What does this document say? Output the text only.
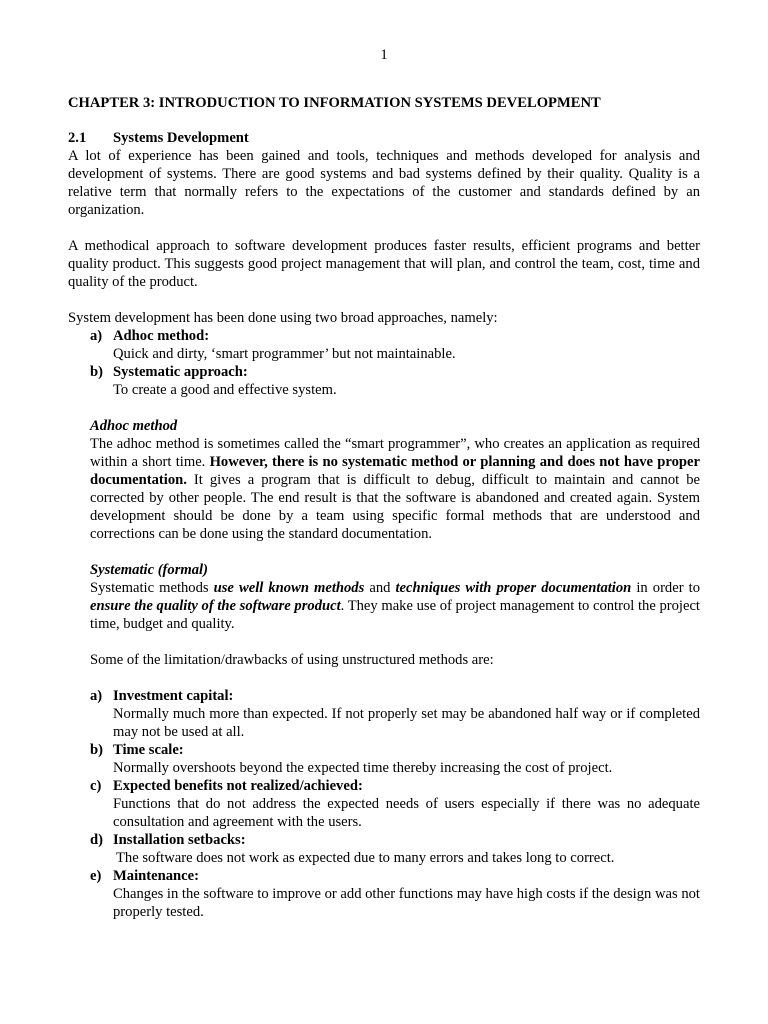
1

CHAPTER 3: INTRODUCTION TO INFORMATION SYSTEMS DEVELOPMENT

2.1 Systems Development

A lot of experience has been gained and tools, techniques and methods developed for analysis and development of systems. There are good systems and bad systems defined by their quality. Quality is a relative term that normally refers to the expectations of the customer and standards defined by an organization.

A methodical approach to software development produces faster results, efficient programs and better quality product. This suggests good project management that will plan, and control the team, cost, time and quality of the product.

System development has been done using two broad approaches, namely:

a) Adhoc method:
Quick and dirty, ‘smart programmer’ but not maintainable.
b) Systematic approach:
To create a good and effective system.
Adhoc method

The adhoc method is sometimes called the “smart programmer”, who creates an application as required within a short time. However, there is no systematic method or planning and does not have proper documentation. It gives a program that is difficult to debug, difficult to maintain and cannot be corrected by other people. The end result is that the software is abandoned and created again. System development should be done by a team using specific formal methods that are understood and corrections can be done using the standard documentation.

Systematic (formal)

Systematic methods use well known methods and techniques with proper documentation in order to ensure the quality of the software product. They make use of project management to control the project time, budget and quality.

Some of the limitation/drawbacks of using unstructured methods are:

a) Investment capital:
Normally much more than expected. If not properly set may be abandoned half way or if completed may not be used at all.
b) Time scale:
Normally overshoots beyond the expected time thereby increasing the cost of project.
c) Expected benefits not realized/achieved:
Functions that do not address the expected needs of users especially if there was no adequate consultation and agreement with the users.
d) Installation setbacks:
The software does not work as expected due to many errors and takes long to correct.
e) Maintenance:
Changes in the software to improve or add other functions may have high costs if the design was not properly tested.
